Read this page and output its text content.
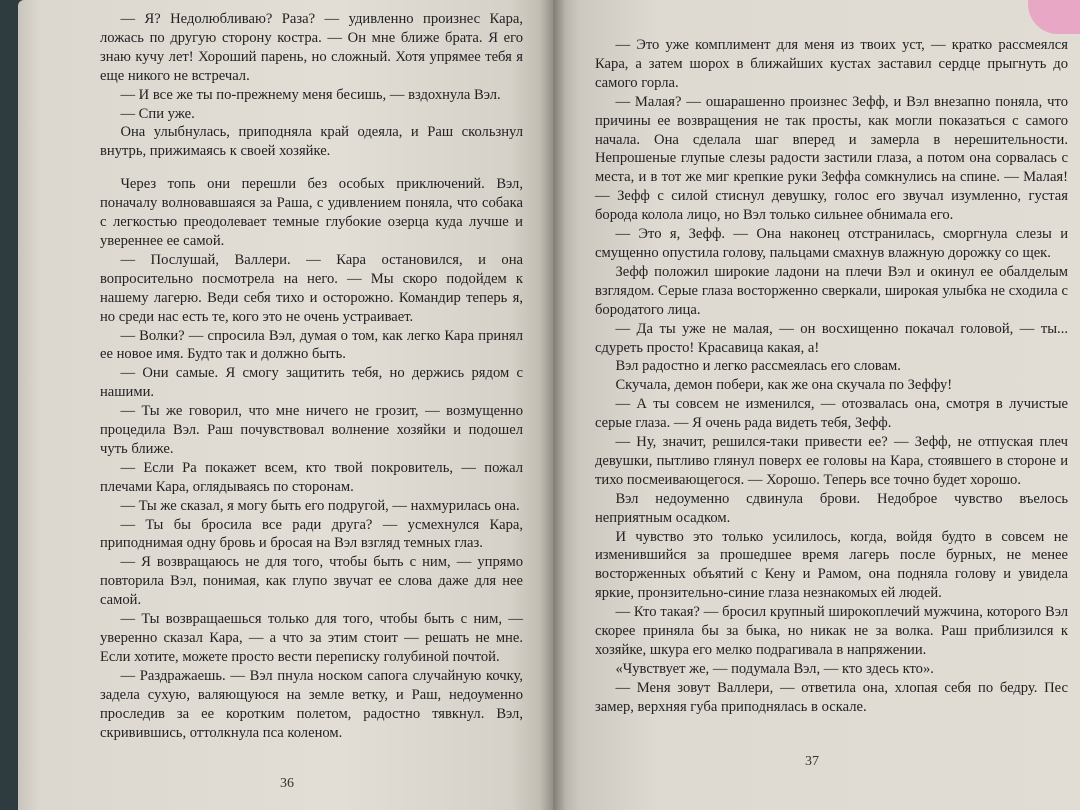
— Я? Недолюбливаю? Раза? — удивленно произнес Кара, ложась по другую сторону костра. — Он мне ближе брата. Я его знаю кучу лет! Хороший парень, но сложный. Хотя упрямее тебя я еще никого не встречал.

— И все же ты по-прежнему меня бесишь, — вздохнула Вэл.

— Спи уже.

Она улыбнулась, приподняла край одеяла, и Раш скользнул внутрь, прижимаясь к своей хозяйке.

Через топь они перешли без особых приключений. Вэл, поначалу волновавшаяся за Раша, с удивлением поняла, что собака с легкостью преодолевает темные глубокие озерца куда лучше и увереннее ее самой.

— Послушай, Валлери. — Кара остановился, и она вопросительно посмотрела на него. — Мы скоро подойдем к нашему лагерю. Веди себя тихо и осторожно. Командир теперь я, но среди нас есть те, кого это не очень устраивает.

— Волки? — спросила Вэл, думая о том, как легко Кара принял ее новое имя. Будто так и должно быть.

— Они самые. Я смогу защитить тебя, но держись рядом с нашими.

— Ты же говорил, что мне ничего не грозит, — возмущенно процедила Вэл. Раш почувствовал волнение хозяйки и подошел чуть ближе.

— Если Ра покажет всем, кто твой покровитель, — пожал плечами Кара, оглядываясь по сторонам.

— Ты же сказал, я могу быть его подругой, — нахмурилась она.

— Ты бы бросила все ради друга? — усмехнулся Кара, приподнимая одну бровь и бросая на Вэл взгляд темных глаз.

— Я возвращаюсь не для того, чтобы быть с ним, — упрямо повторила Вэл, понимая, как глупо звучат ее слова даже для нее самой.

— Ты возвращаешься только для того, чтобы быть с ним, — уверенно сказал Кара, — а что за этим стоит — решать не мне. Если хотите, можете просто вести переписку голубиной почтой.

— Раздражаешь. — Вэл пнула носком сапога случайную кочку, задела сухую, валяющуюся на земле ветку, и Раш, недоуменно проследив за ее коротким полетом, радостно тявкнул. Вэл, скривившись, оттолкнула пса коленом.

36

— Это уже комплимент для меня из твоих уст, — кратко рассмеялся Кара, а затем шорох в ближайших кустах заставил сердце прыгнуть до самого горла.

— Малая? — ошарашенно произнес Зефф, и Вэл внезапно поняла, что причины ее возвращения не так просты, как могли показаться с самого начала. Она сделала шаг вперед и замерла в нерешительности. Непрошеные глупые слезы радости застили глаза, а потом она сорвалась с места, и в тот же миг крепкие руки Зеффа сомкнулись на спине. — Малая! — Зефф с силой стиснул девушку, голос его звучал изумленно, густая борода колола лицо, но Вэл только сильнее обнимала его.

— Это я, Зефф. — Она наконец отстранилась, сморгнула слезы и смущенно опустила голову, пальцами смахнув влажную дорожку со щек.

Зефф положил широкие ладони на плечи Вэл и окинул ее обалделым взглядом. Серые глаза восторженно сверкали, широкая улыбка не сходила с бородатого лица.

— Да ты уже не малая, — он восхищенно покачал головой, — ты... сдуреть просто! Красавица какая, а!

Вэл радостно и легко рассмеялась его словам.

Скучала, демон побери, как же она скучала по Зеффу!

— А ты совсем не изменился, — отозвалась она, смотря в лучистые серые глаза. — Я очень рада видеть тебя, Зефф.

— Ну, значит, решился-таки привести ее? — Зефф, не отпуская плеч девушки, пытливо глянул поверх ее головы на Кара, стоявшего в стороне и тихо посмеивающегося. — Хорошо. Теперь все точно будет хорошо.

Вэл недоуменно сдвинула брови. Недоброе чувство въелось неприятным осадком.

И чувство это только усилилось, когда, войдя будто в совсем не изменившийся за прошедшее время лагерь после бурных, не менее восторженных объятий с Кену и Рамом, она подняла голову и увидела яркие, пронзительно-синие глаза незнакомых ей людей.

— Кто такая? — бросил крупный широкоплечий мужчина, которого Вэл скорее приняла бы за быка, но никак не за волка. Раш приблизился к хозяйке, шкура его мелко подрагивала в напряжении.

«Чувствует же, — подумала Вэл, — кто здесь кто».

— Меня зовут Валлери, — ответила она, хлопая себя по бедру. Пес замер, верхняя губа приподнялась в оскале.

37
